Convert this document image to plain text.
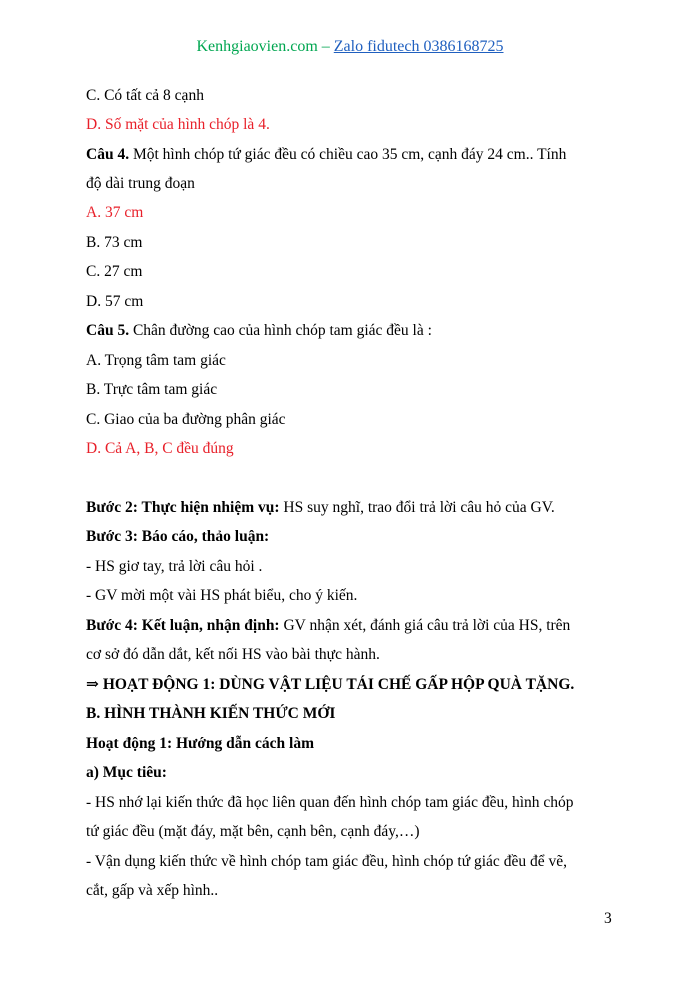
Kenhgiaovien.com – Zalo fidutech 0386168725
C. Có tất cả 8 cạnh
D. Số mặt của hình chóp là 4.
Câu 4. Một hình chóp tứ giác đều có chiều cao 35 cm, cạnh đáy 24 cm.. Tính
độ dài trung đoạn
A. 37 cm
B. 73 cm
C. 27 cm
D. 57 cm
Câu 5. Chân đường cao của hình chóp tam giác đều là :
A. Trọng tâm tam giác
B. Trực tâm tam giác
C. Giao của ba đường phân giác
D. Cả A, B, C đều đúng
Bước 2: Thực hiện nhiệm vụ: HS suy nghĩ, trao đổi trả lời câu hỏ của GV.
Bước 3: Báo cáo, thảo luận:
- HS giơ tay, trả lời câu hỏi .
- GV mời một vài HS phát biểu, cho ý kiến.
Bước 4: Kết luận, nhận định: GV nhận xét, đánh giá câu trả lời của HS, trên
cơ sở đó dẫn dắt, kết nối HS vào bài thực hành.
⇒ HOẠT ĐỘNG 1: DÙNG VẬT LIỆU TÁI CHẾ GẤP HỘP QUÀ TẶNG.
B. HÌNH THÀNH KIẾN THỨC MỚI
Hoạt động 1: Hướng dẫn cách làm
a) Mục tiêu:
- HS nhớ lại kiến thức đã học liên quan đến hình chóp tam giác đều, hình chóp
tứ giác đều (mặt đáy, mặt bên, cạnh bên, cạnh đáy,…)
- Vận dụng kiến thức về hình chóp tam giác đều, hình chóp tứ giác đều để vẽ,
cắt, gấp và xếp hình..
3
